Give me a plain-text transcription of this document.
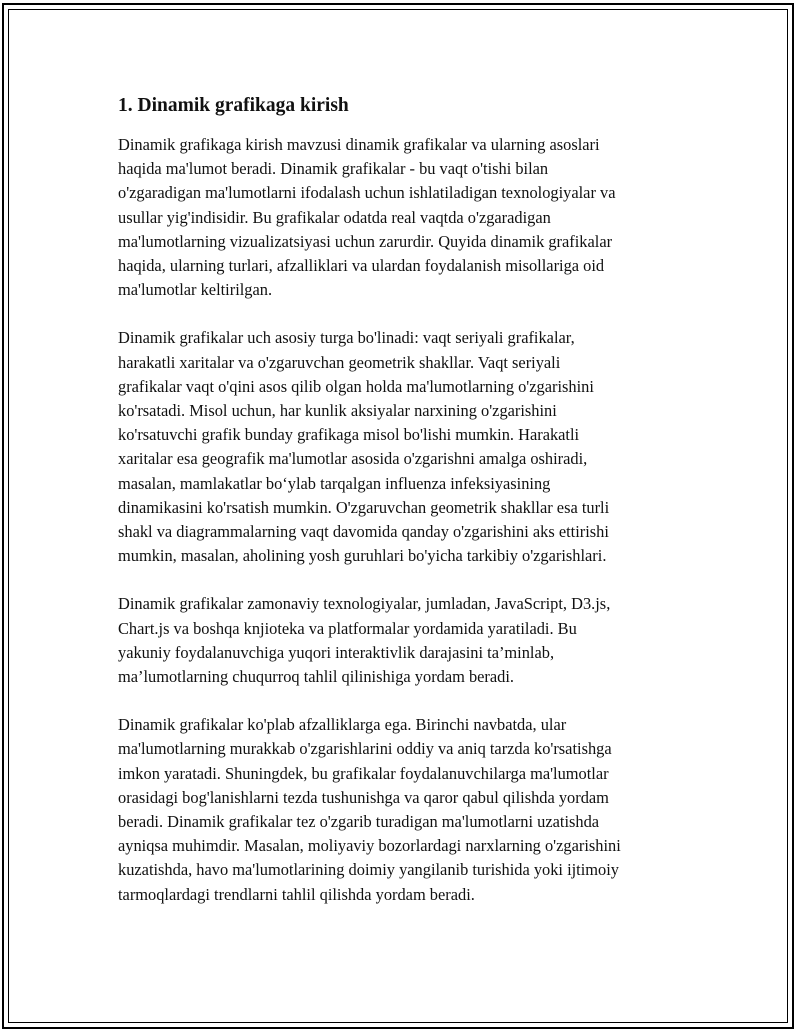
1. Dinamik grafikaga kirish

Dinamik grafikaga kirish mavzusi dinamik grafikalar va ularning asoslari
haqida ma'lumot beradi. Dinamik grafikalar - bu vaqt o'tishi bilan
o'zgaradigan ma'lumotlarni ifodalash uchun ishlatiladigan texnologiyalar va
usullar yig'indisidir. Bu grafikalar odatda real vaqtda o'zgaradigan
ma'lumotlarning vizualizatsiyasi uchun zarurdir. Quyida dinamik grafikalar
haqida, ularning turlari, afzalliklari va ulardan foydalanish misollariga oid
ma'lumotlar keltirilgan.

Dinamik grafikalar uch asosiy turga bo'linadi: vaqt seriyali grafikalar,
harakatli xaritalar va o'zgaruvchan geometrik shakllar. Vaqt seriyali
grafikalar vaqt o'qini asos qilib olgan holda ma'lumotlarning o'zgarishini
ko'rsatadi. Misol uchun, har kunlik aksiyalar narxining o'zgarishini
ko'rsatuvchi grafik bunday grafikaga misol bo'lishi mumkin. Harakatli
xaritalar esa geografik ma'lumotlar asosida o'zgarishni amalga oshiradi,
masalan, mamlakatlar bo‘ylab tarqalgan influenza infeksiyasining
dinamikasini ko'rsatish mumkin. O'zgaruvchan geometrik shakllar esa turli
shakl va diagrammalarning vaqt davomida qanday o'zgarishini aks ettirishi
mumkin, masalan, aholining yosh guruhlari bo'yicha tarkibiy o'zgarishlari.

Dinamik grafikalar zamonaviy texnologiyalar, jumladan, JavaScript, D3.js,
Chart.js va boshqa knjioteka va platformalar yordamida yaratiladi. Bu
yakuniy foydalanuvchiga yuqori interaktivlik darajasini ta’minlab,
ma’lumotlarning chuqurroq tahlil qilinishiga yordam beradi.

Dinamik grafikalar ko'plab afzalliklarga ega. Birinchi navbatda, ular
ma'lumotlarning murakkab o'zgarishlarini oddiy va aniq tarzda ko'rsatishga
imkon yaratadi. Shuningdek, bu grafikalar foydalanuvchilarga ma'lumotlar
orasidagi bog'lanishlarni tezda tushunishga va qaror qabul qilishda yordam
beradi. Dinamik grafikalar tez o'zgarib turadigan ma'lumotlarni uzatishda
ayniqsa muhimdir. Masalan, moliyaviy bozorlardagi narxlarning o'zgarishini
kuzatishda, havo ma'lumotlarining doimiy yangilanib turishida yoki ijtimoiy
tarmoqlardagi trendlarni tahlil qilishda yordam beradi.
